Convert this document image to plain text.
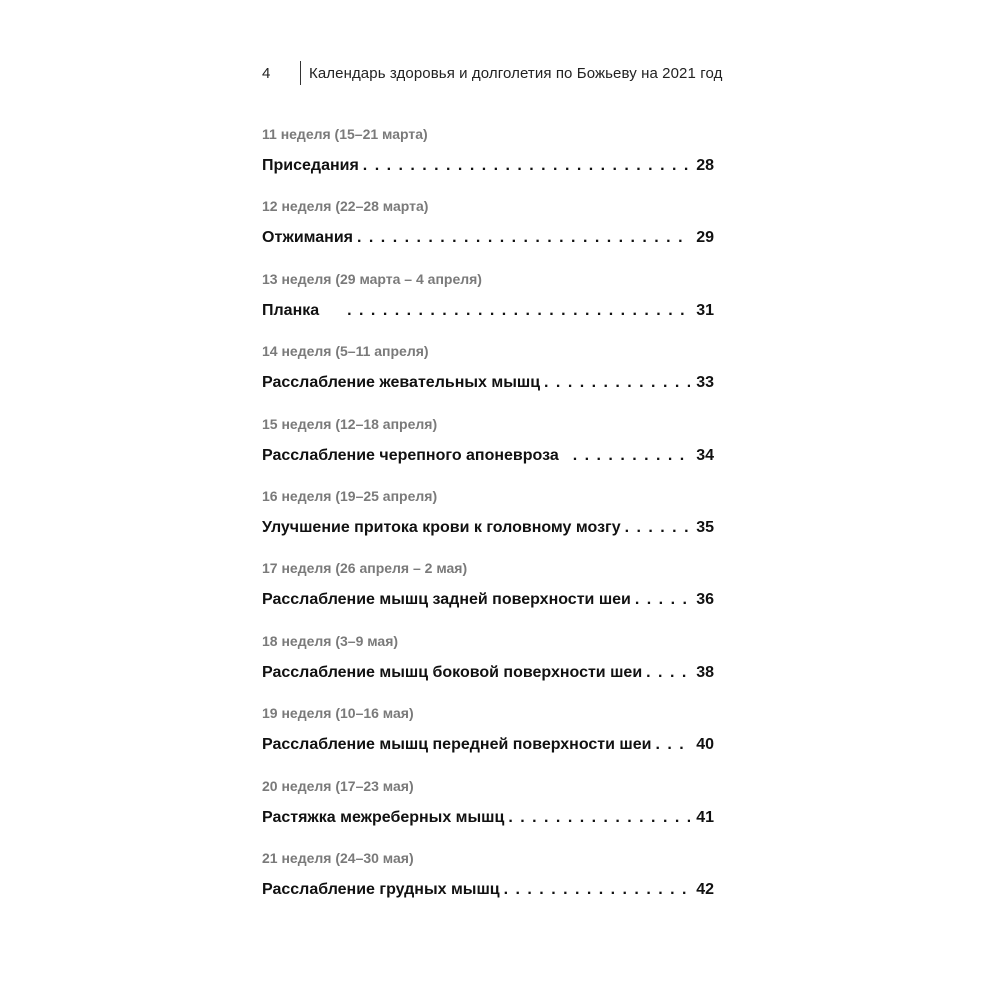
4	Календарь здоровья и долголетия по Божьеву на 2021 год
11 неделя (15–21 марта)
Приседания . . .	28
12 неделя (22–28 марта)
Отжимания . . .	29
13 неделя (29 марта – 4 апреля)
Планка . . .	31
14 неделя (5–11 апреля)
Расслабление жевательных мышц . . .	33
15 неделя (12–18 апреля)
Расслабление черепного апоневроза . . .	34
16 неделя (19–25 апреля)
Улучшение притока крови к головному мозгу . . .	35
17 неделя (26 апреля – 2 мая)
Расслабление мышц задней поверхности шеи . . .	36
18 неделя (3–9 мая)
Расслабление мышц боковой поверхности шеи . . .	38
19 неделя (10–16 мая)
Расслабление мышц передней поверхности шеи . . .	40
20 неделя (17–23 мая)
Растяжка межреберных мышц . . .	41
21 неделя (24–30 мая)
Расслабление грудных мышц . . .	42
